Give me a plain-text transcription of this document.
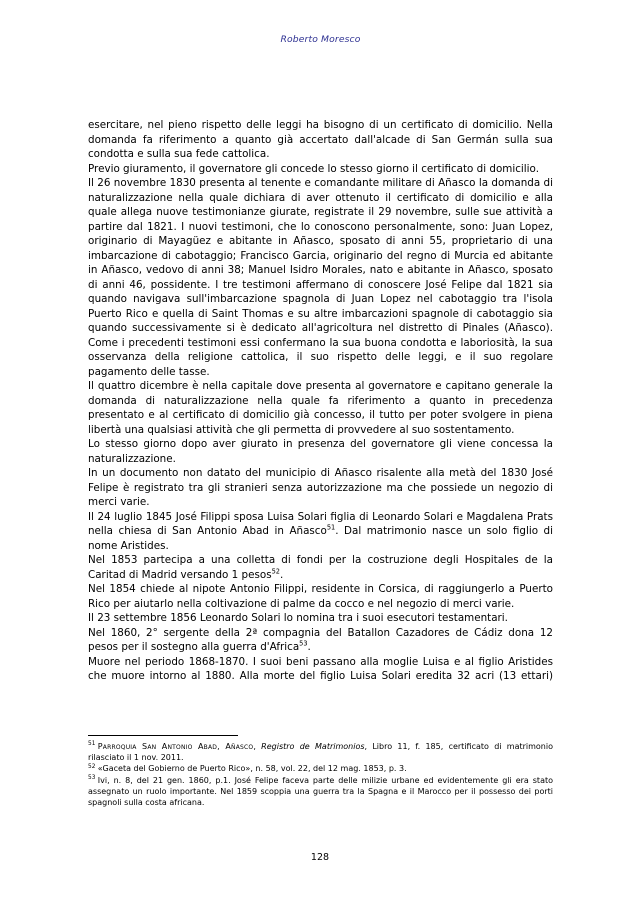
Roberto Moresco

esercitare, nel pieno rispetto delle leggi ha bisogno di un certificato di domicilio. Nella domanda fa riferimento a quanto già accertato dall'alcade di San Germán sulla sua condotta e sulla sua fede cattolica.

Previo giuramento, il governatore gli concede lo stesso giorno il certificato di domicilio.

Il 26 novembre 1830 presenta al tenente e comandante militare di Añasco la domanda di naturalizzazione nella quale dichiara di aver ottenuto il certificato di domicilio e alla quale allega nuove testimonianze giurate, registrate il 29 novembre, sulle sue attività a partire dal 1821. I nuovi testimoni, che lo conoscono personalmente, sono: Juan Lopez, originario di Mayagüez e abitante in Añasco, sposato di anni 55, proprietario di una imbarcazione di cabotaggio; Francisco Garcia, originario del regno di Murcia ed abitante in Añasco, vedovo di anni 38; Manuel Isidro Morales, nato e abitante in Añasco, sposato di anni 46, possidente. I tre testimoni affermano di conoscere José Felipe dal 1821 sia quando navigava sull'imbarcazione spagnola di Juan Lopez nel cabotaggio tra l'isola Puerto Rico e quella di Saint Thomas e su altre imbarcazioni spagnole di cabotaggio sia quando successivamente si è dedicato all'agricoltura nel distretto di Pinales (Añasco). Come i precedenti testimoni essi confermano la sua buona condotta e laboriosità, la sua osservanza della religione cattolica, il suo rispetto delle leggi, e il suo regolare pagamento delle tasse.

Il quattro dicembre è nella capitale dove presenta al governatore e capitano generale la domanda di naturalizzazione nella quale fa riferimento a quanto in precedenza presentato e al certificato di domicilio già concesso, il tutto per poter svolgere in piena libertà una qualsiasi attività che gli permetta di provvedere al suo sostentamento.

Lo stesso giorno dopo aver giurato in presenza del governatore gli viene concessa la naturalizzazione.

In un documento non datato del municipio di Añasco risalente alla metà del 1830 José Felipe è registrato tra gli stranieri senza autorizzazione ma che possiede un negozio di merci varie.

Il 24 luglio 1845 José Filippi sposa Luisa Solari figlia di Leonardo Solari e Magdalena Prats nella chiesa di San Antonio Abad in Añasco$^{51}$. Dal matrimonio nasce un solo figlio di nome Aristides.

Nel 1853 partecipa a una colletta di fondi per la costruzione degli Hospitales de la Caritad di Madrid versando 1 pesos$^{52}$.

Nel 1854 chiede al nipote Antonio Filippi, residente in Corsica, di raggiungerlo a Puerto Rico per aiutarlo nella coltivazione di palme da cocco e nel negozio di merci varie.

Il 23 settembre 1856 Leonardo Solari lo nomina tra i suoi esecutori testamentari.

Nel 1860, 2° sergente della 2ª compagnia del Batallon Cazadores de Cádiz dona 12 pesos per il sostegno alla guerra d'Africa$^{53}$.

Muore nel periodo 1868-1870. I suoi beni passano alla moglie Luisa e al figlio Aristides che muore intorno al 1880. Alla morte del figlio Luisa Solari eredita 32 acri (13 ettari)

$^{51}$ Parroquia San Antonio Abad, Añasco, Registro de Matrimonios, Libro 11, f. 185, certificato di matrimonio rilasciato il 1 nov. 2011.

$^{52}$ «Gaceta del Gobierno de Puerto Rico», n. 58, vol. 22, del 12 mag. 1853, p. 3.

$^{53}$ Ivi, n. 8, del 21 gen. 1860, p.1. José Felipe faceva parte delle milizie urbane ed evidentemente gli era stato assegnato un ruolo importante. Nel 1859 scoppia una guerra tra la Spagna e il Marocco per il possesso dei porti spagnoli sulla costa africana.

128
